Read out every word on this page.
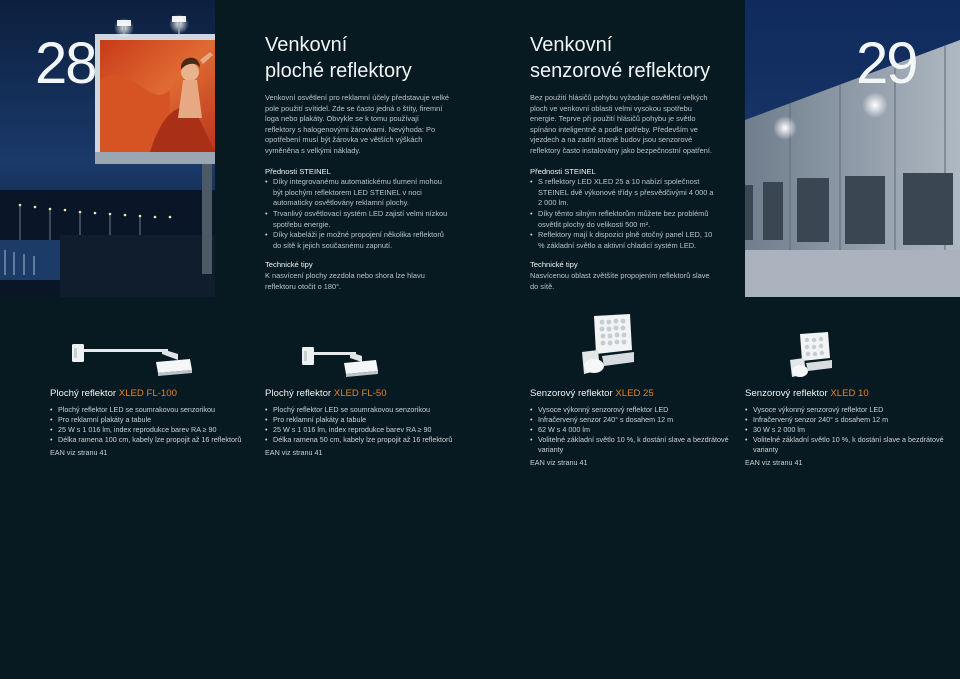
28	Venkovní
ploché reflektory

Venkovní osvětlení pro reklamní účely představuje velké pole použití svítidel. Zde se často jedná o štíty, firemní loga nebo plakáty. Obvykle se k tomu používají reflektory s halogenovými žárovkami. Nevýhoda: Po opotřebení musí být žárovka ve větších výškách vyměněna s velkými náklady.

Přednosti STEINEL
• Díky integrovanému automatickému tlumení mohou být plochým reflektorem LED STEINEL v noci automaticky osvětlovány reklamní plochy.
• Trvanlivý osvětlovací systém LED zajistí velmi nízkou spotřebu energie.
• Díky kabeláži je možné propojení několika reflektorů do sítě k jejich současnému zapnutí.
Technické tipy

K nasvícení plochy zezdola nebo shora lze hlavu reflektoru otočit o 180°.

Plochý reflektor XLED FL-100
• Plochý reflektor LED se soumrakovou senzorikou
• Pro reklamní plakáty a tabule
• 25 W s 1 016 lm, index reprodukce barev RA ≥ 90
• Délka ramena 100 cm, kabely lze propojit až 16 reflektorů
EAN viz stranu 41
Plochý reflektor XLED FL-50
• Plochý reflektor LED se soumrakovou senzorikou
• Pro reklamní plakáty a tabule
• 25 W s 1 016 lm, index reprodukce barev RA ≥ 90
• Délka ramena 50 cm, kabely lze propojit až 16 reflektorů
EAN viz stranu 41
Venkovní
senzorové reflektory

Bez použití hlásičů pohybu vyžaduje osvětlení velkých ploch ve venkovní oblasti velmi vysokou spotřebu energie. Teprve při použití hlásičů pohybu je světlo spínáno inteligentně a podle potřeby. Především ve vjezdech a na zadní straně budov jsou senzorové reflektory často instalovány jako bezpečnostní opatření.

Přednosti STEINEL
• S reflektory LED XLED 25 a 10 nabízí společnost STEINEL dvě výkonové třídy s přesvědčivými 4 000 a 2 000 lm.
• Díky těmto silným reflektorům můžete bez problémů osvětlit plochy do velikosti 500 m².
• Reflektory mají k dispozici plně otočný panel LED, 10 % základní světlo a aktivní chladicí systém LED.
Technické tipy

Nasvícenou oblast zvětšíte propojením reflektorů slave do sítě.

29
Senzorový reflektor XLED 25
• Vysoce výkonný senzorový reflektor LED
• Infračervený senzor 240° s dosahem 12 m
• 62 W s 4 000 lm
• Volitelné základní světlo 10 %, k dostání slave a bezdrátové varianty
EAN viz stranu 41
Senzorový reflektor XLED 10
• Vysoce výkonný senzorový reflektor LED
• Infračervený senzor 240° s dosahem 12 m
• 30 W s 2 000 lm
• Volitelné základní světlo 10 %, k dostání slave a bezdrátové varianty
EAN viz stranu 41
